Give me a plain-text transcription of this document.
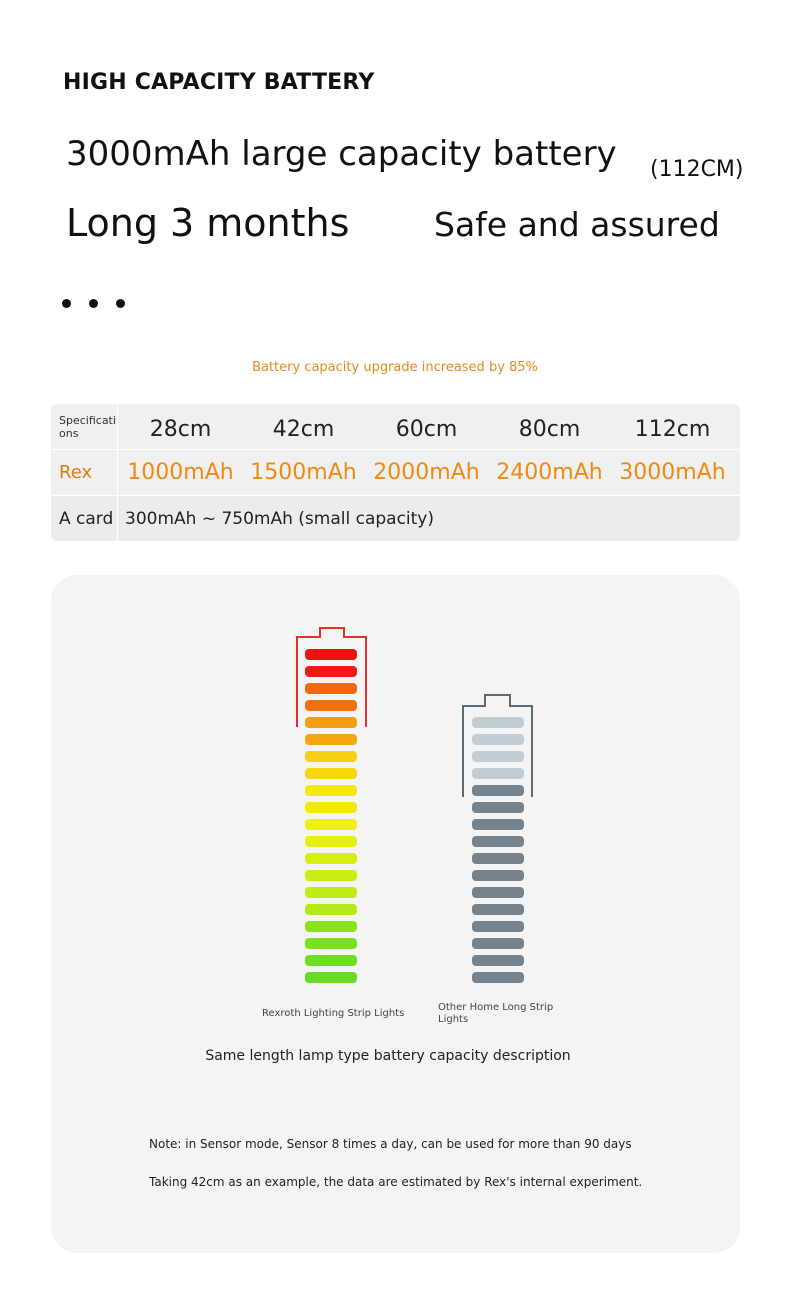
HIGH CAPACITY BATTERY
3000mAh large capacity battery (112CM)
Long 3 months	Safe and assured
Battery capacity upgrade increased by 85%
Specifications	28cm	42cm	60cm	80cm	112cm
Rex	1000mAh 1500mAh 2000mAh 2400mAh 3000mAh
A card 300mAh ~ 750mAh (small capacity)
Rexroth Lighting Strip Lights
Other Home Long Strip Lights
Same length lamp type battery capacity description
Note: in Sensor mode, Sensor 8 times a day, can be used for more than 90 days
Taking 42cm as an example, the data are estimated by Rex's internal experiment.
